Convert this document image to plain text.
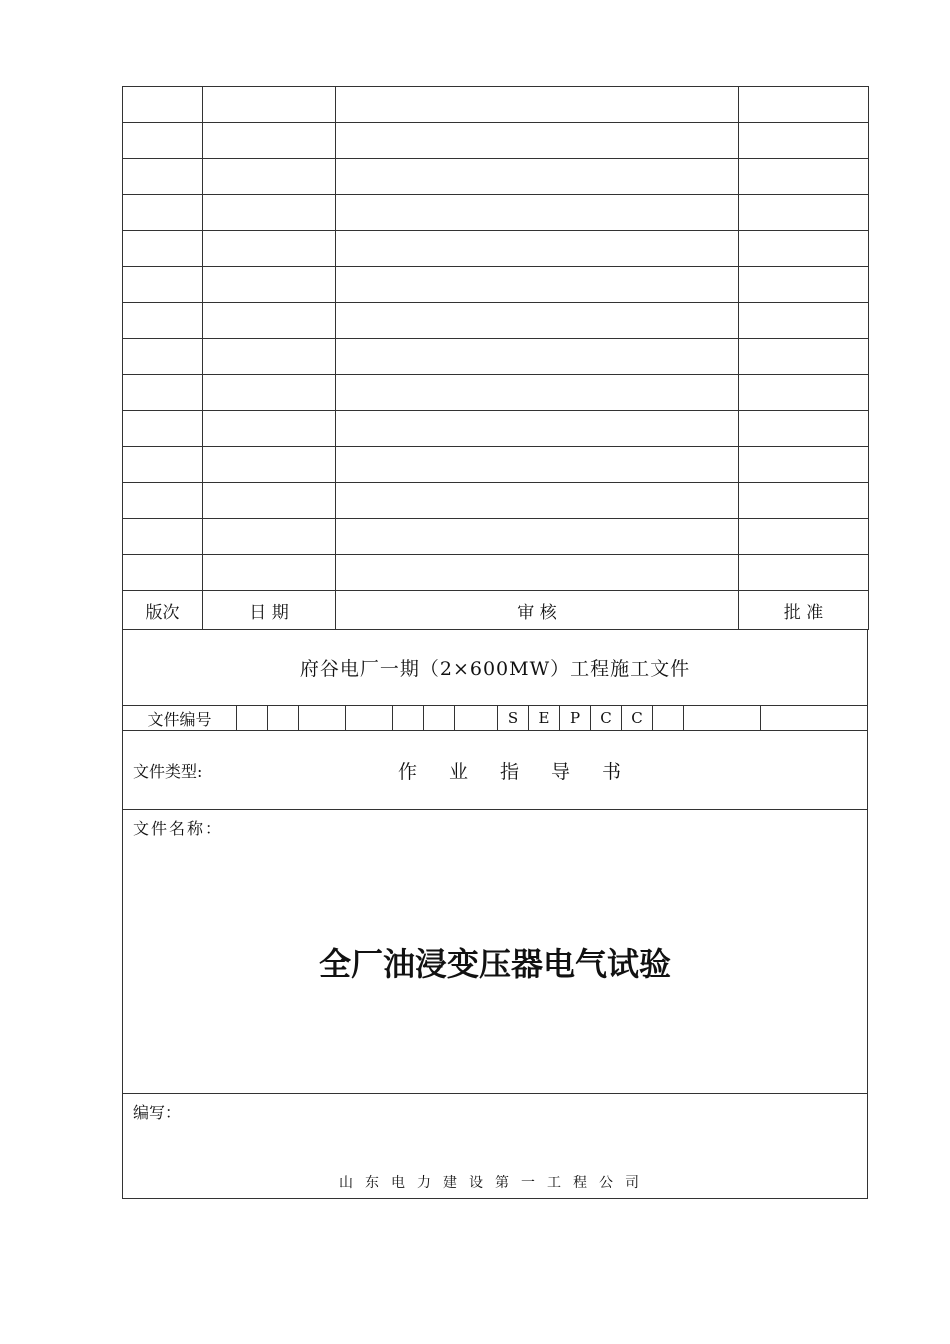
版次	日 期	审 核	批 准
府谷电厂一期（2×600MW）工程施工文件
文件编号	S	E	P	C	C
文件类型:	作业指导书
文件名称：
全厂油浸变压器电气试验
编写：
山东电力建设第一工程公司
